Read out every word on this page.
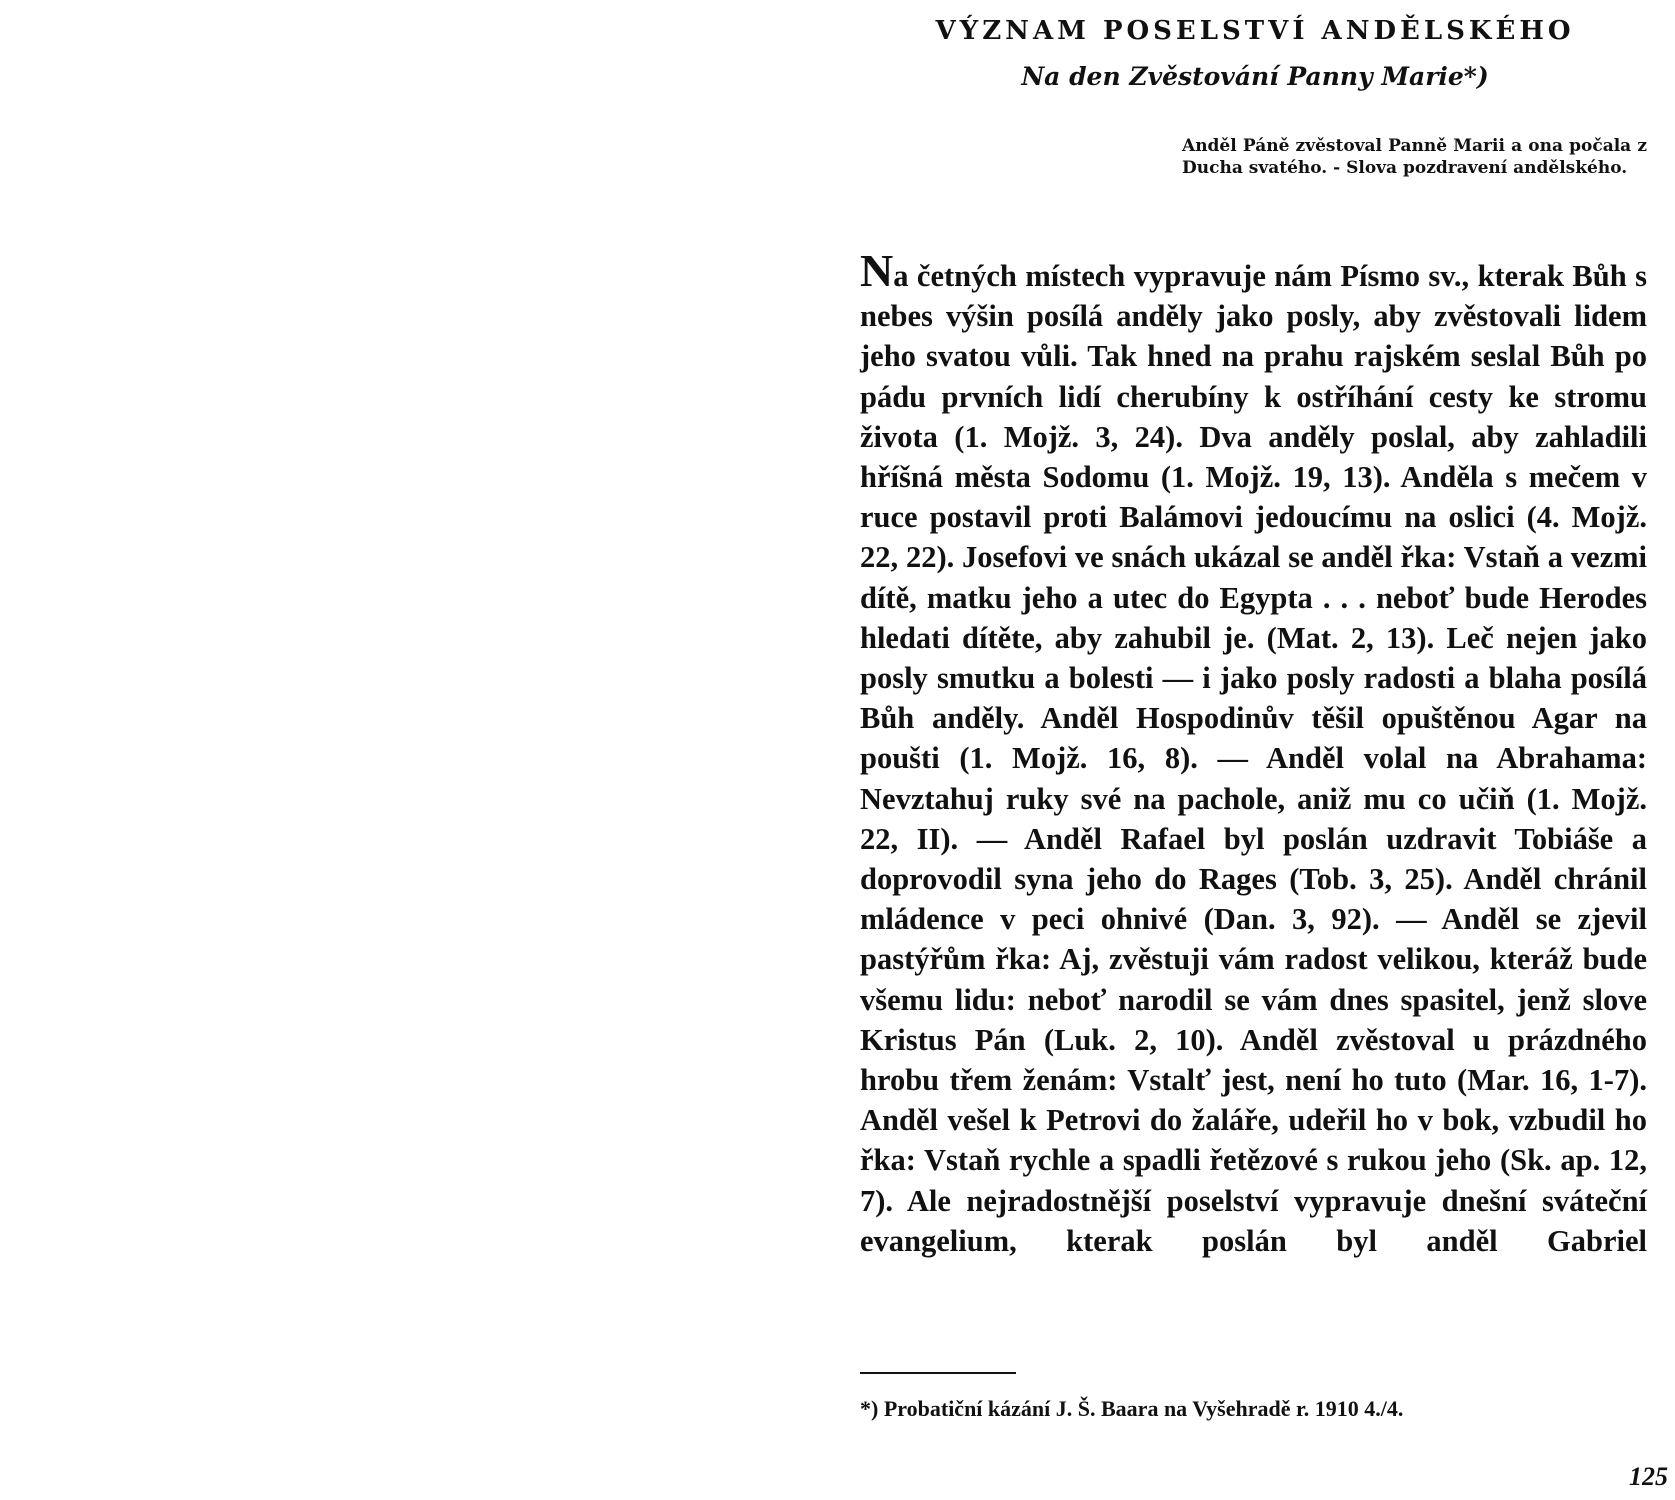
VÝZNAM POSELSTVÍ ANDĚLSKÉHO
Na den Zvěstování Panny Marie*)
Anděl Páně zvěstoval Panně Marii a ona počala z Ducha svatého. - Slova pozdravení andělského.
Na četných místech vypravuje nám Písmo sv., kterak Bůh s nebes výšin posílá anděly jako posly, aby zvěstovali lidem jeho svatou vůli. Tak hned na prahu rajském seslal Bůh po pádu prvních lidí cherubíny k ostříhání cesty ke stromu života (1. Mojž. 3, 24). Dva anděly poslal, aby zahladili hříšná města Sodomu (1. Mojž. 19, 13). Anděla s mečem v ruce postavil proti Balámovi jedoucímu na oslici (4. Mojž. 22, 22). Josefovi ve snách ukázal se anděl řka: Vstaň a vezmi dítě, matku jeho a utec do Egypta . . . neboť bude Herodes hledati dítěte, aby zahubil je. (Mat. 2, 13). Leč nejen jako posly smutku a bolesti — i jako posly radosti a blaha posílá Bůh anděly. Anděl Hospodinův těšil opuštěnou Agar na poušti (1. Mojž. 16, 8). — Anděl volal na Abrahama: Nevztahuj ruky své na pachole, aniž mu co učiň (1. Mojž. 22, II). — Anděl Rafael byl poslán uzdravit Tobiáše a doprovodil syna jeho do Rages (Tob. 3, 25). Anděl chránil mládence v peci ohnivé (Dan. 3, 92). — Anděl se zjevil pastýřům řka: Aj, zvěstuji vám radost velikou, kteráž bude všemu lidu: neboť narodil se vám dnes spasitel, jenž slove Kristus Pán (Luk. 2, 10). Anděl zvěstoval u prázdného hrobu třem ženám: Vstalť jest, není ho tuto (Mar. 16, 1-7). Anděl vešel k Petrovi do žaláře, udeřil ho v bok, vzbudil ho řka: Vstaň rychle a spadli řetězové s rukou jeho (Sk. ap. 12, 7). Ale nejradostnější poselství vypravuje dnešní sváteční evangelium, kterak poslán byl anděl Gabriel
*) Probatiční kázání J. Š. Baara na Vyšehradě r. 1910 4./4.
125
